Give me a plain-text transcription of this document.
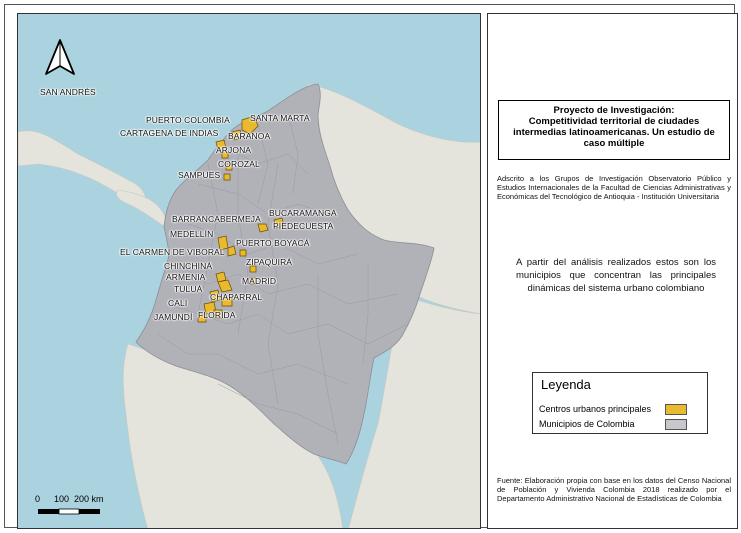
SAN ANDRÉS
SANTA MARTA
PUERTO COLOMBIA
CARTAGENA DE INDIAS BARANOA
ARJONA
COROZAL
SAMPUES
BUCARAMANGA
BARRANCABERMEJA
PIEDECUESTA
MEDELLÍN
PUERTO BOYACÁ
EL CARMEN DE VIBORAL
ZIPAQUIRÁ
CHINCHINÁ
ARMENIA	MADRID
TULUÁ
CHAPARRAL
CALI
FLORIDA
JAMUNDÍ
0 100 200 km
Proyecto de Investigación:
Competitividad territorial de ciudades
intermedias latinoamericanas. Un estudio de
caso múltiple
Adscrito a los Grupos de Investigación Observatorio Público y Estudios Internacionales de la Facultad de Ciencias Administrativas y Económicas del Tecnológico de Antioquia - Institución Universitaria
A partir del análisis realizados estos son los municipios que concentran las principales dinámicas del sistema urbano colombiano
Leyenda
Centros urbanos principales
Municipios de Colombia
Fuente: Elaboración propia con base en los datos del Censo Nacional de Población y Vivienda Colombia 2018 realizado por el Departamento Administrativo Nacional de Estadísticas de Colombia
